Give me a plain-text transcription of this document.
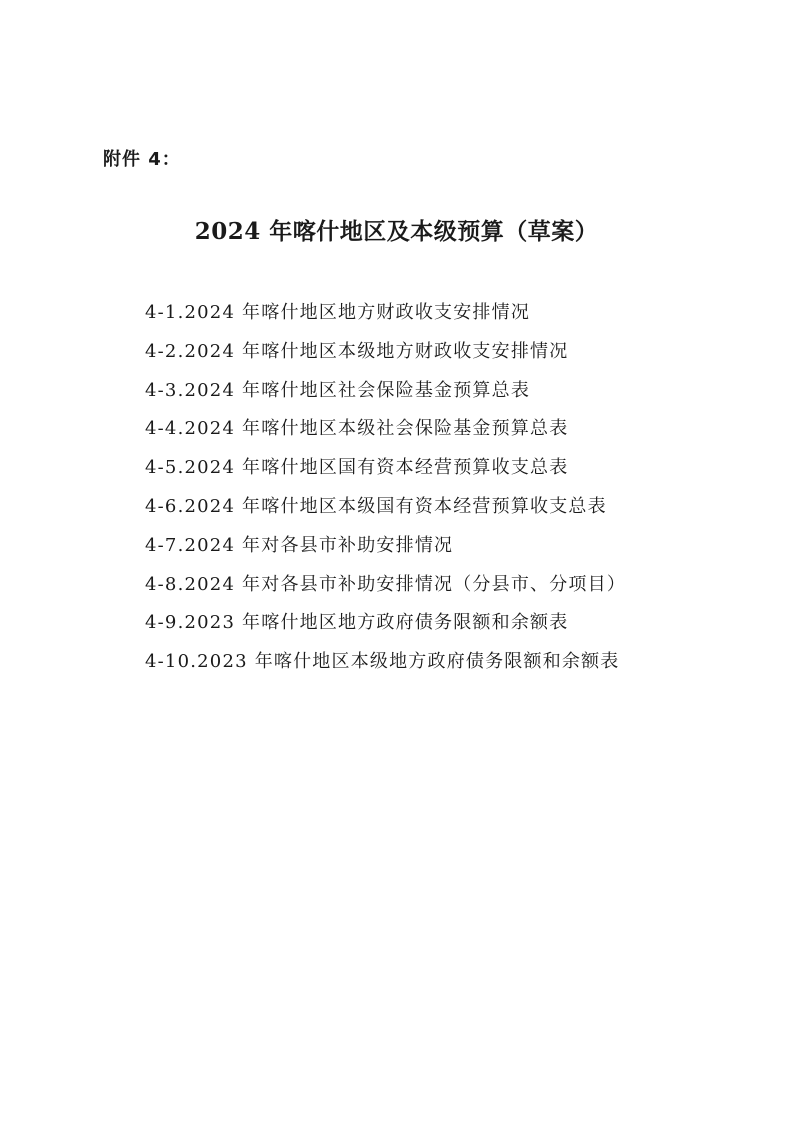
附件 4：
2024 年喀什地区及本级预算（草案）
4-1.2024 年喀什地区地方财政收支安排情况
4-2.2024 年喀什地区本级地方财政收支安排情况
4-3.2024 年喀什地区社会保险基金预算总表
4-4.2024 年喀什地区本级社会保险基金预算总表
4-5.2024 年喀什地区国有资本经营预算收支总表
4-6.2024 年喀什地区本级国有资本经营预算收支总表
4-7.2024 年对各县市补助安排情况
4-8.2024 年对各县市补助安排情况（分县市、分项目）
4-9.2023 年喀什地区地方政府债务限额和余额表
4-10.2023 年喀什地区本级地方政府债务限额和余额表
